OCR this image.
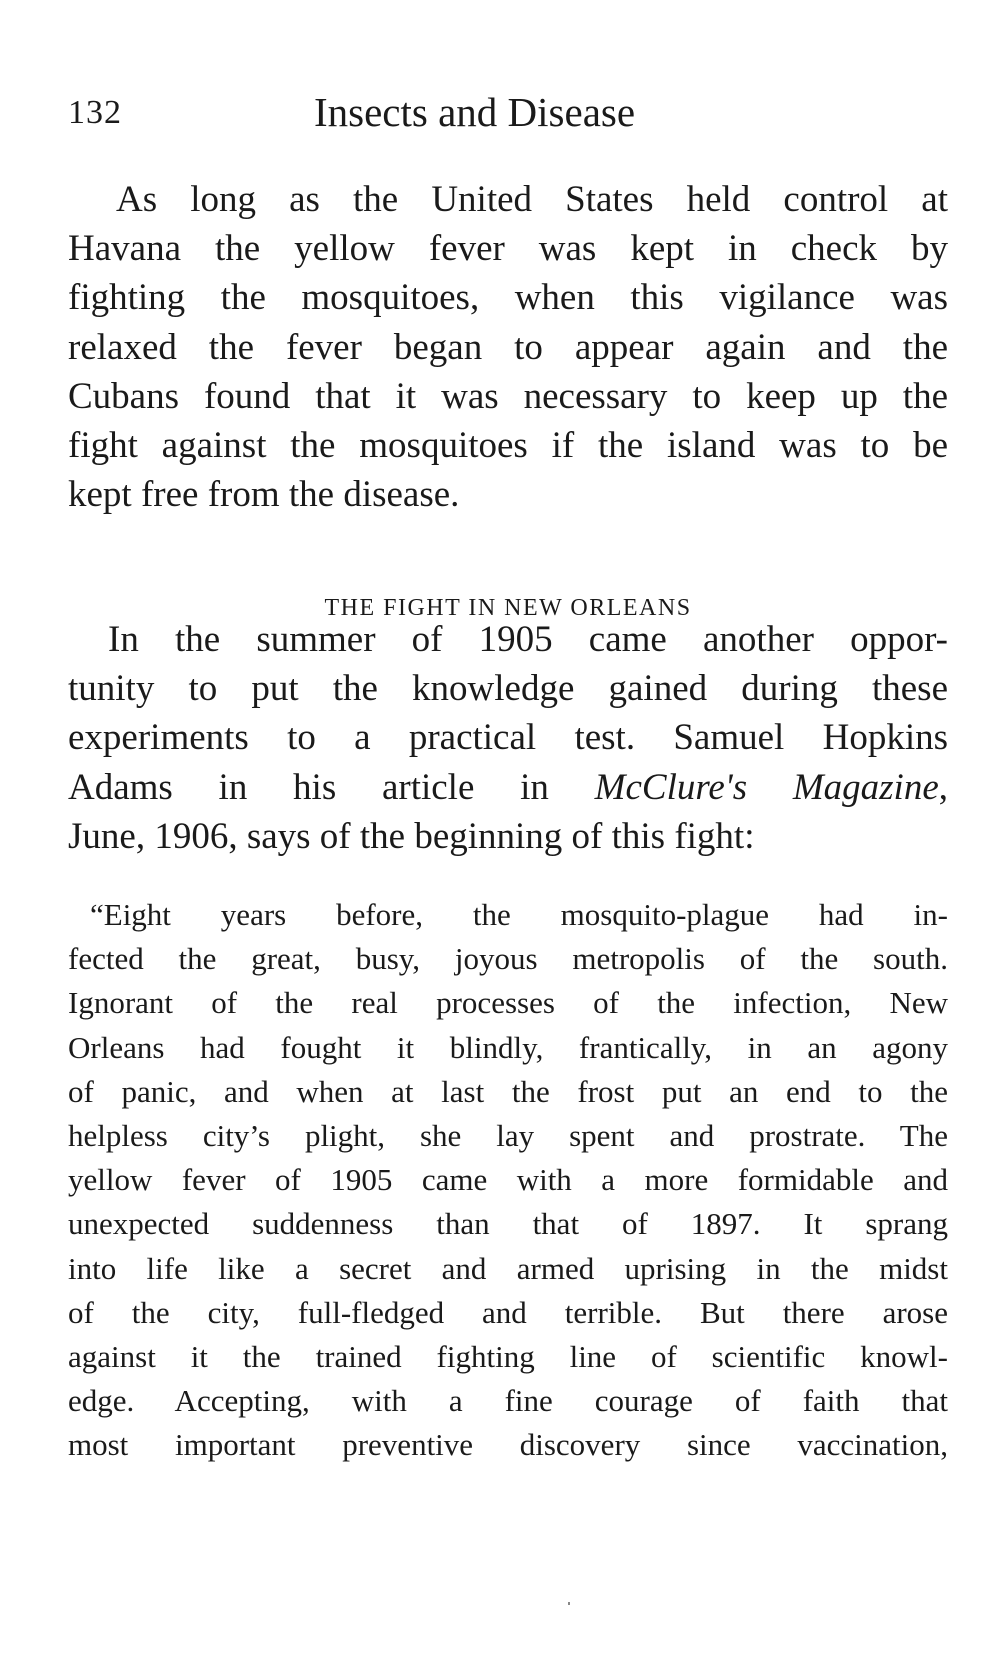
132	Insects and Disease
As long as the United States held control at
Havana the yellow fever was kept in check by
fighting the mosquitoes, when this vigilance was
relaxed the fever began to appear again and the
Cubans found that it was necessary to keep up the
fight against the mosquitoes if the island was to be
kept free from the disease.
THE FIGHT IN NEW ORLEANS
In the summer of 1905 came another oppor-
tunity to put the knowledge gained during these
experiments to a practical test. Samuel Hopkins
Adams in his article in McClure's Magazine,
June, 1906, says of the beginning of this fight:
“Eight years before, the mosquito-plague had in-
fected the great, busy, joyous metropolis of the south.
Ignorant of the real processes of the infection, New
Orleans had fought it blindly, frantically, in an agony
of panic, and when at last the frost put an end to the
helpless city’s plight, she lay spent and prostrate. The
yellow fever of 1905 came with a more formidable and
unexpected suddenness than that of 1897. It sprang
into life like a secret and armed uprising in the midst
of the city, full-fledged and terrible. But there arose
against it the trained fighting line of scientific knowl-
edge. Accepting, with a fine courage of faith that
most important preventive discovery since vaccination,
